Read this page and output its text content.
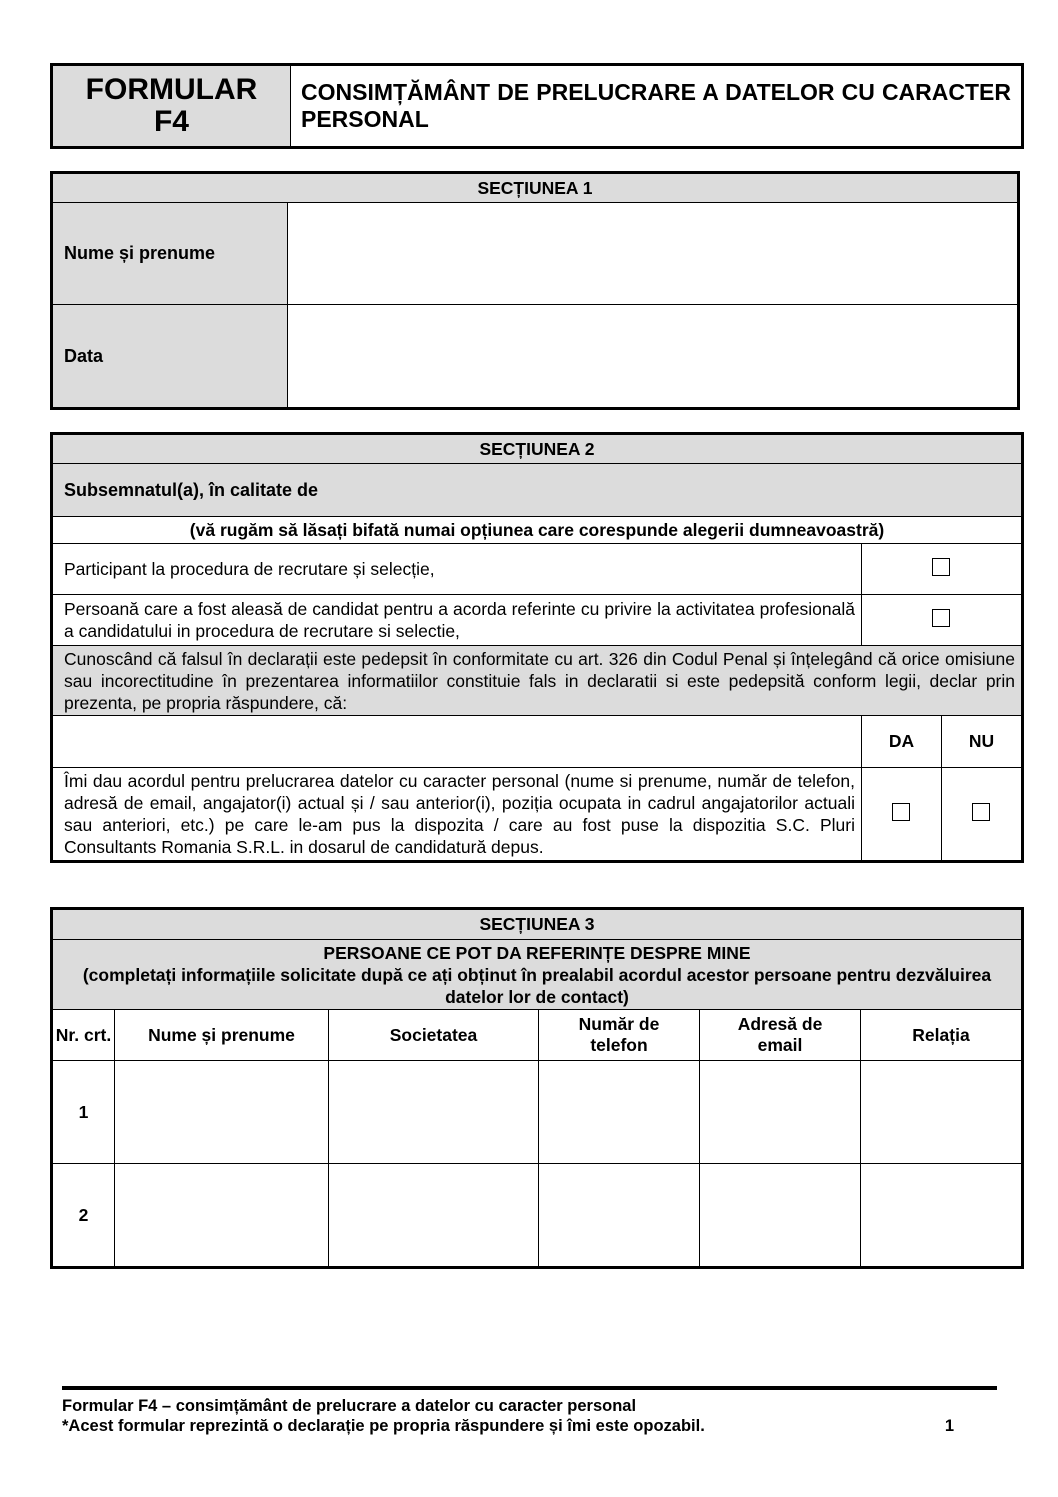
FORMULAR
F4

CONSIMȚĂMÂNT DE PRELUCRARE A DATELOR CU CARACTER PERSONAL
SECȚIUNEA 1	
Nume și prenume	
Data	
SECȚIUNEA 2		
Subsemnatul(a), în calitate de		
(vă rugăm să lăsați bifată numai opțiunea care corespunde alegerii dumneavoastră)		
Participant la procedura de recrutare și selecție,		
Persoană care a fost aleasă de candidat pentru a acorda referinte cu privire la activitatea profesională a candidatului in procedura de recrutare si selectie,		
Cunoscând că falsul în declarații este pedepsit în conformitate cu art. 326 din Codul Penal și înțelegând că orice omisiune sau incorectitudine în prezentarea informatiilor constituie fals in declaratii si este pedepsită conform legii, declar prin prezenta, pe propria răspundere, că:		
	DA	NU
Îmi dau acordul pentru prelucrarea datelor cu caracter personal (nume si prenume, număr de telefon, adresă de email, angajator(i) actual și / sau anterior(i), poziția ocupata in cadrul angajatorilor actuali sau anteriori, etc.) pe care le-am pus la dispozita / care au fost puse la dispozitia S.C. Pluri Consultants Romania S.R.L. in dosarul de candidatură depus.		
SECȚIUNEA 3					

PERSOANE CE POT DA REFERINȚE DESPRE MINE
(completați informațiile solicitate după ce ați obținut în prealabil acordul acestor persoane pentru dezvăluirea datelor lor de contact)					

Nr. crt.	Nume și prenume	Societatea	Număr de telefon	Adresă de email	Relația
1					
2					
Formular F4 – consimțământ de prelucrare a datelor cu caracter personal
*Acest formular reprezintă o declarație pe propria răspundere și îmi este opozabil.	1
